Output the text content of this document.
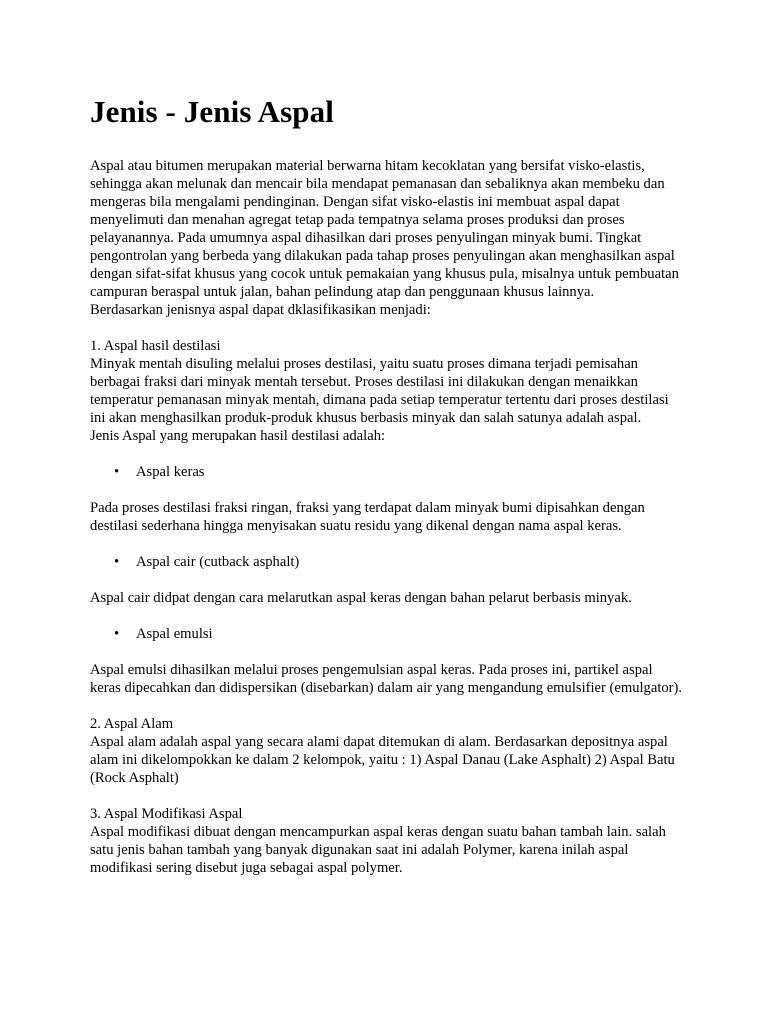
Jenis - Jenis Aspal

Aspal atau bitumen merupakan material berwarna hitam kecoklatan yang bersifat visko-elastis, sehingga akan melunak dan mencair bila mendapat pemanasan dan sebaliknya akan membeku dan mengeras bila mengalami pendinginan. Dengan sifat visko-elastis ini membuat aspal dapat menyelimuti dan menahan agregat tetap pada tempatnya selama proses produksi dan proses pelayanannya. Pada umumnya aspal dihasilkan dari proses penyulingan minyak bumi. Tingkat pengontrolan yang berbeda yang dilakukan pada tahap proses penyulingan akan menghasilkan aspal dengan sifat-sifat khusus yang cocok untuk pemakaian yang khusus pula, misalnya untuk pembuatan campuran beraspal untuk jalan, bahan pelindung atap dan penggunaan khusus lainnya.

Berdasarkan jenisnya aspal dapat dklasifikasikan menjadi:

1. Aspal hasil destilasi

Minyak mentah disuling melalui proses destilasi, yaitu suatu proses dimana terjadi pemisahan berbagai fraksi dari minyak mentah tersebut. Proses destilasi ini dilakukan dengan menaikkan temperatur pemanasan minyak mentah, dimana pada setiap temperatur tertentu dari proses destilasi ini akan menghasilkan produk-produk khusus berbasis minyak dan salah satunya adalah aspal.

Jenis Aspal yang merupakan hasil destilasi adalah:

• Aspal keras

Pada proses destilasi fraksi ringan, fraksi yang terdapat dalam minyak bumi dipisahkan dengan destilasi sederhana hingga menyisakan suatu residu yang dikenal dengan nama aspal keras.

• Aspal cair (cutback asphalt)

Aspal cair didpat dengan cara melarutkan aspal keras dengan bahan pelarut berbasis minyak.

• Aspal emulsi

Aspal emulsi dihasilkan melalui proses pengemulsian aspal keras. Pada proses ini, partikel aspal keras dipecahkan dan didispersikan (disebarkan) dalam air yang mengandung emulsifier (emulgator).

2. Aspal Alam

Aspal alam adalah aspal yang secara alami dapat ditemukan di alam. Berdasarkan depositnya aspal alam ini dikelompokkan ke dalam 2 kelompok, yaitu : 1) Aspal Danau (Lake Asphalt) 2) Aspal Batu (Rock Asphalt)

3. Aspal Modifikasi Aspal

Aspal modifikasi dibuat dengan mencampurkan aspal keras dengan suatu bahan tambah lain. salah satu jenis bahan tambah yang banyak digunakan saat ini adalah Polymer, karena inilah aspal modifikasi sering disebut juga sebagai aspal polymer.
